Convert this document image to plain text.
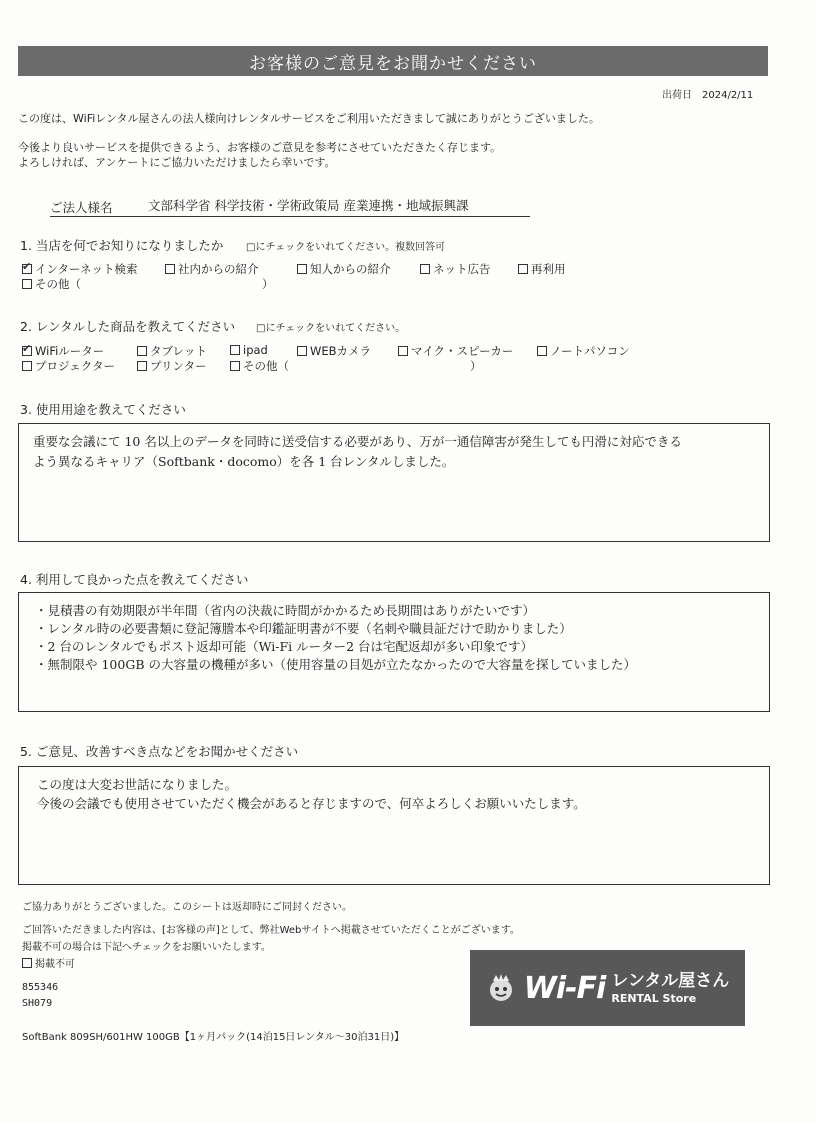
お客様のご意見をお聞かせください
出荷日　2024/2/11
この度は、WiFiレンタル屋さんの法人様向けレンタルサービスをご利用いただきまして誠にありがとうございました。
今後より良いサービスを提供できるよう、お客様のご意見を参考にさせていただきたく存じます。
よろしければ、アンケートにご協力いただけましたら幸いです。
ご法人様名	文部科学省 科学技術・学術政策局 産業連携・地域振興課
1. 当店を何でお知りになりましたか □にチェックをいれてください。複数回答可
✔ インターネット検索	社内からの紹介	知人からの紹介	ネット広告	再利用
その他（	）
2. レンタルした商品を教えてください □にチェックをいれてください。
✔ WiFiルーター	タブレット	ipad	WEBカメラ	マイク・スピーカー	ノートパソコン
プロジェクター	プリンター	その他（	）
3. 使用用途を教えてください
重要な会議にて 10 名以上のデータを同時に送受信する必要があり、万が一通信障害が発生しても円滑に対応できる
よう異なるキャリア（Softbank・docomo）を各 1 台レンタルしました。
4. 利用して良かった点を教えてください
・見積書の有効期限が半年間（省内の決裁に時間がかかるため長期間はありがたいです）
・レンタル時の必要書類に登記簿謄本や印鑑証明書が不要（名刺や職員証だけで助かりました）
・2 台のレンタルでもポスト返却可能（Wi-Fi ルーター2 台は宅配返却が多い印象です）
・無制限や 100GB の大容量の機種が多い（使用容量の目処が立たなかったので大容量を探していました）
5. ご意見、改善すべき点などをお聞かせください
この度は大変お世話になりました。
今後の会議でも使用させていただく機会があると存じますので、何卒よろしくお願いいたします。
ご協力ありがとうございました。このシートは返却時にご同封ください。
ご回答いただきました内容は、[お客様の声]として、弊社Webサイトへ掲載させていただくことがございます。
掲載不可の場合は下記へチェックをお願いいたします。
掲載不可
855346
SH079
SoftBank 809SH/601HW 100GB【1ヶ月パック(14泊15日レンタル～30泊31日)】
Wi-Fi レンタル屋さん
RENTAL Store
